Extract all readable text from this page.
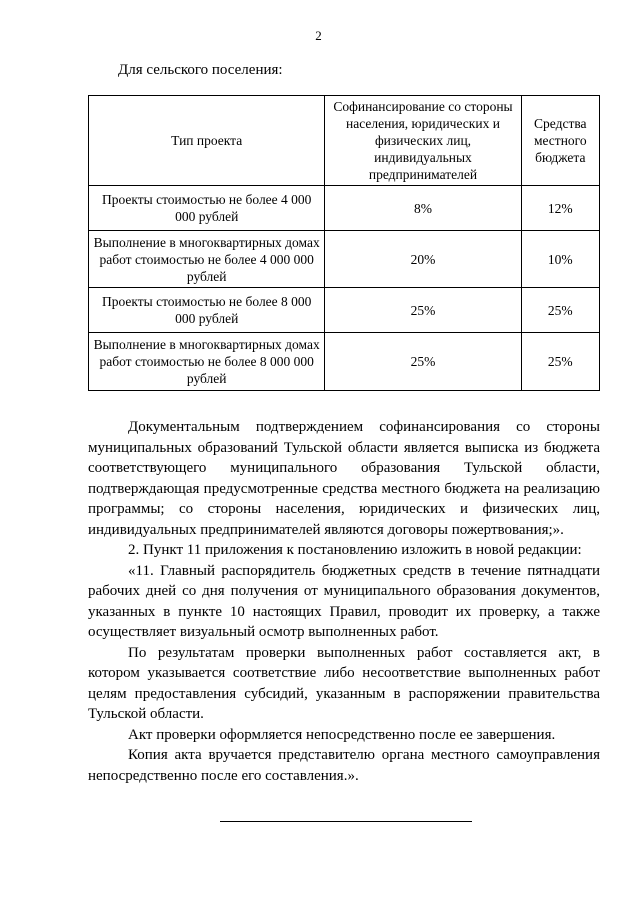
2
Для сельского поселения:
Тип проекта	Софинансирование со стороны населения, юридических и физических лиц, индивидуальных предпринимателей	Средства местного бюджета
Проекты стоимостью не более 4 000 000 рублей	8%	12%
Выполнение в многоквартирных домах работ стоимостью не более 4 000 000 рублей	20%	10%
Проекты стоимостью не более 8 000 000 рублей	25%	25%
Выполнение в многоквартирных домах работ стоимостью не более 8 000 000 рублей	25%	25%

Документальным подтверждением софинансирования со стороны муниципальных образований Тульской области является выписка из бюджета соответствующего муниципального образования Тульской области, подтверждающая предусмотренные средства местного бюджета на реализацию программы; со стороны населения, юридических и физических лиц, индивидуальных предпринимателей являются договоры пожертвования;».

2. Пункт 11 приложения к постановлению изложить в новой редакции:

«11. Главный распорядитель бюджетных средств в течение пятнадцати рабочих дней со дня получения от муниципального образования документов, указанных в пункте 10 настоящих Правил, проводит их проверку, а также осуществляет визуальный осмотр выполненных работ.

По результатам проверки выполненных работ составляется акт, в котором указывается соответствие либо несоответствие выполненных работ целям предоставления субсидий, указанным в распоряжении правительства Тульской области.

Акт проверки оформляется непосредственно после ее завершения.

Копия акта вручается представителю органа местного самоуправления непосредственно после его составления.».
